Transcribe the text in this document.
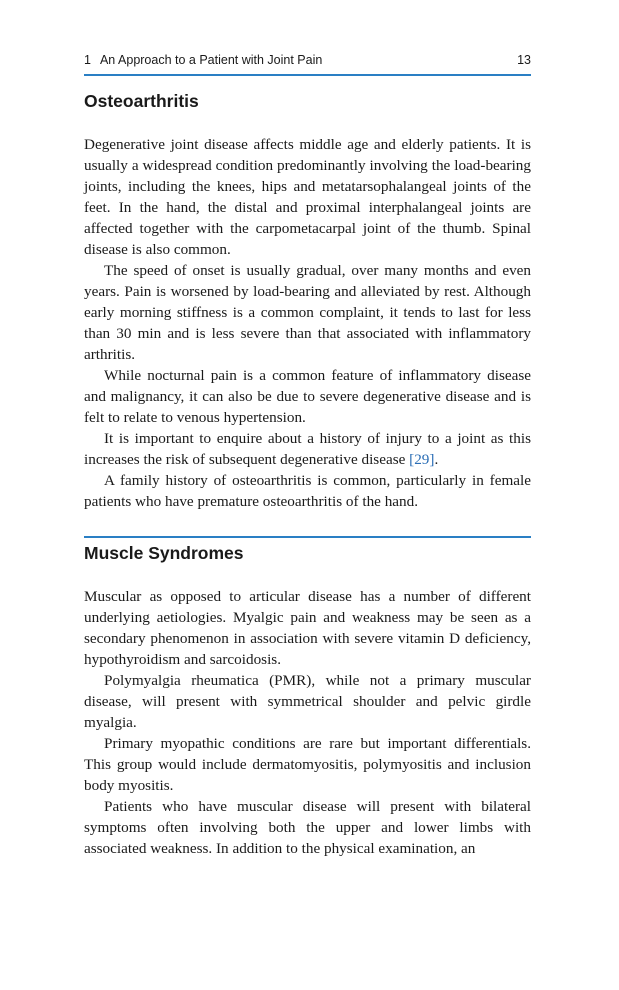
1 An Approach to a Patient with Joint Pain	13
Osteoarthritis

Degenerative joint disease affects middle age and elderly patients. It is usually a widespread condition predominantly involving the load-bearing joints, including the knees, hips and metatarsophalangeal joints of the feet. In the hand, the distal and proximal interphalangeal joints are affected together with the carpometacarpal joint of the thumb. Spinal disease is also common.

The speed of onset is usually gradual, over many months and even years. Pain is worsened by load-bearing and alleviated by rest. Although early morning stiffness is a common complaint, it tends to last for less than 30 min and is less severe than that associated with inflammatory arthritis.

While nocturnal pain is a common feature of inflammatory disease and malignancy, it can also be due to severe degenerative disease and is felt to relate to venous hypertension.

It is important to enquire about a history of injury to a joint as this increases the risk of subsequent degenerative disease [29].

A family history of osteoarthritis is common, particularly in female patients who have premature osteoarthritis of the hand.

Muscle Syndromes

Muscular as opposed to articular disease has a number of different underlying aetiologies. Myalgic pain and weakness may be seen as a secondary phenomenon in association with severe vitamin D deficiency, hypothyroidism and sarcoidosis.

Polymyalgia rheumatica (PMR), while not a primary muscular disease, will present with symmetrical shoulder and pelvic girdle myalgia.

Primary myopathic conditions are rare but important differentials. This group would include dermatomyositis, polymyositis and inclusion body myositis.

Patients who have muscular disease will present with bilateral symptoms often involving both the upper and lower limbs with associated weakness. In addition to the physical examination, an
